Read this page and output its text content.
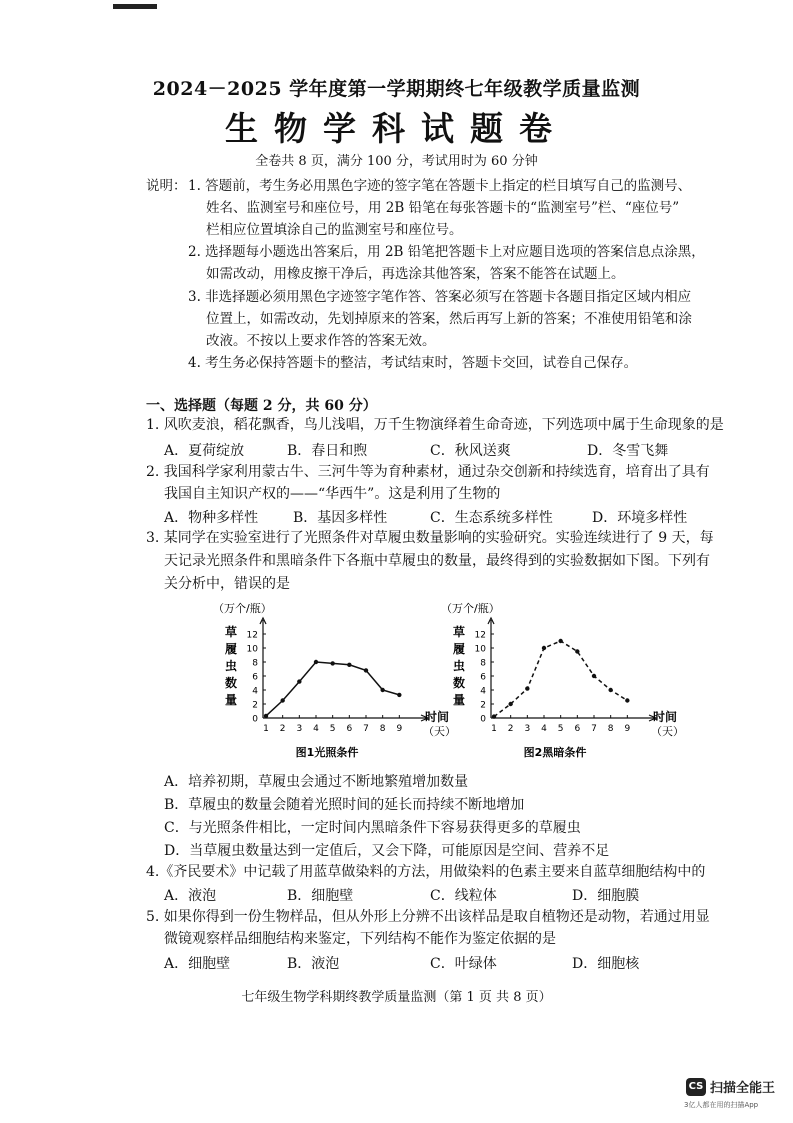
2024－2025 学年度第一学期期终七年级教学质量监测
生物学科试题卷
全卷共 8 页，满分 100 分，考试用时为 60 分钟
说明： 1. 答题前，考生务必用黑色字迹的签字笔在答题卡上指定的栏目填写自己的监测号、
姓名、监测室号和座位号，用 2B 铅笔在每张答题卡的“监测室号”栏、“座位号”
栏相应位置填涂自己的监测室号和座位号。
2. 选择题每小题选出答案后，用 2B 铅笔把答题卡上对应题目选项的答案信息点涂黑，
如需改动，用橡皮擦干净后，再选涂其他答案，答案不能答在试题上。
3. 非选择题必须用黑色字迹签字笔作答、答案必须写在答题卡各题目指定区域内相应
位置上，如需改动，先划掉原来的答案，然后再写上新的答案；不准使用铅笔和涂
改液。不按以上要求作答的答案无效。
4. 考生务必保持答题卡的整洁，考试结束时，答题卡交回，试卷自己保存。
一、选择题（每题 2 分，共 60 分）
1. 风吹麦浪，稻花飘香，鸟儿浅唱，万千生物演绎着生命奇迹，下列选项中属于生命现象的是
A．夏荷绽放	B．春日和煦	C．秋风送爽	D．冬雪飞舞
2. 我国科学家利用蒙古牛、三河牛等为育种素材，通过杂交创新和持续选育，培育出了具有
我国自主知识产权的——“华西牛”。这是利用了生物的
A．物种多样性 B．基因多样性	C．生态系统多样性	D．环境多样性
3. 某同学在实验室进行了光照条件对草履虫数量影响的实验研究。实验连续进行了 9 天，每
天记录光照条件和黑暗条件下各瓶中草履虫的数量，最终得到的实验数据如下图。下列有
关分析中，错误的是
（万个/瓶）
草
履
虫
数
量
0
2
4
6
8
10
12
1 2 3 4 5 6 7 8 9
时间
（天）
图1光照条件
（万个/瓶）
草
履
虫
数
量
0
2
4
6
8
10
12
1 2 3 4 5 6 7 8 9
时间
（天）
图2黑暗条件
A．培养初期，草履虫会通过不断地繁殖增加数量
B．草履虫的数量会随着光照时间的延长而持续不断地增加
C．与光照条件相比，一定时间内黑暗条件下容易获得更多的草履虫
D．当草履虫数量达到一定值后，又会下降，可能原因是空间、营养不足
4.《齐民要术》中记载了用蓝草做染料的方法，用做染料的色素主要来自蓝草细胞结构中的
A．液泡	B．细胞壁	C．线粒体	D．细胞膜
5. 如果你得到一份生物样品，但从外形上分辨不出该样品是取自植物还是动物，若通过用显
微镜观察样品细胞结构来鉴定，下列结构不能作为鉴定依据的是
A．细胞壁	B．液泡	C．叶绿体	D．细胞核
七年级生物学科期终教学质量监测（第 1 页 共 8 页）
CS 扫描全能王
3亿人都在用的扫描App
